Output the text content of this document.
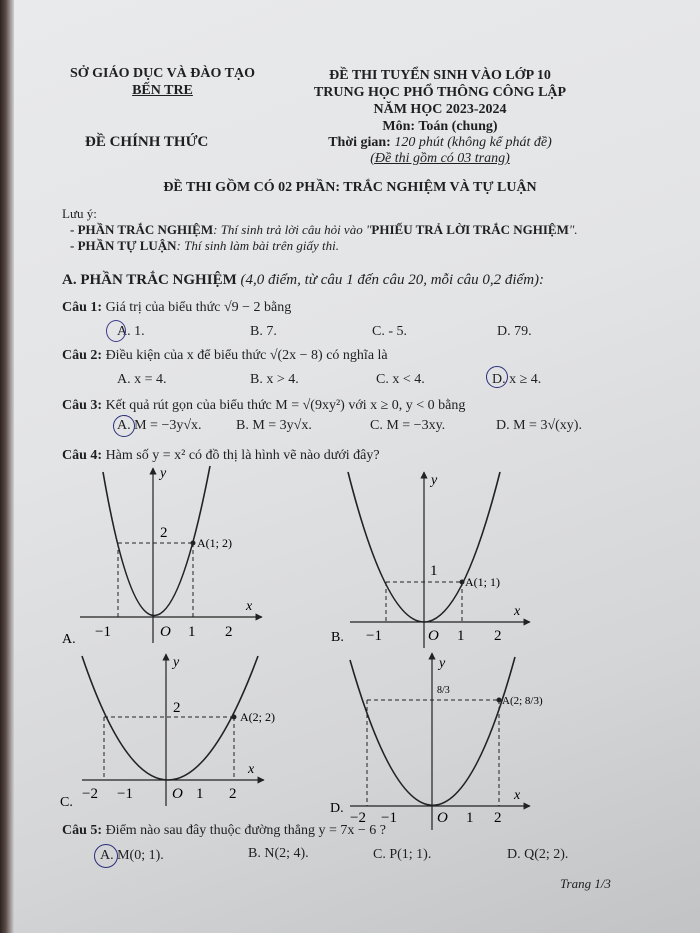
SỞ GIÁO DỤC VÀ ĐÀO TẠO
BẾN TRE
ĐỀ CHÍNH THỨC
ĐỀ THI TUYỂN SINH VÀO LỚP 10
TRUNG HỌC PHỔ THÔNG CÔNG LẬP
NĂM HỌC 2023-2024
Môn: Toán (chung)
Thời gian: 120 phút (không kể phát đề)
(Đề thi gồm có 03 trang)
ĐỀ THI GỒM CÓ 02 PHẦN: TRẮC NGHIỆM VÀ TỰ LUẬN
Lưu ý:
- PHẦN TRẮC NGHIỆM: Thí sinh trả lời câu hỏi vào "PHIẾU TRẢ LỜI TRẮC NGHIỆM".
- PHẦN TỰ LUẬN: Thí sinh làm bài trên giấy thi.
A. PHẦN TRẮC NGHIỆM (4,0 điểm, từ câu 1 đến câu 20, mỗi câu 0,2 điểm):
Câu 1: Giá trị của biểu thức √9 − 2 bằng
A. 1.	B. 7.	C. - 5.	D. 79.
Câu 2: Điều kiện của x để biểu thức √(2x − 8) có nghĩa là
A. x = 4.	B. x > 4.	C. x < 4.	D. x ≥ 4.
Câu 3: Kết quả rút gọn của biểu thức M = √(9xy²) với x ≥ 0, y < 0 bằng
A. M = −3y√x. B. M = 3y√x.	C. M = −3xy.	D. M = 3√(xy).
Câu 4: Hàm số y = x² có đồ thị là hình vẽ nào dưới đây?
y
x
2
A(1; 2)
O
−1	1 2
A.
y
x
1
A(1; 1)
O
−1	1 2
B.
y
x
2
A(2; 2)
O
−2 −1	1 2
C.
y
x
8/3
A(2; 8/3)
O
−2 −1	1 2
D.
Câu 5: Điểm nào sau đây thuộc đường thẳng y = 7x − 6 ?
A. M(0; 1).	B. N(2; 4).	C. P(1; 1).	D. Q(2; 2).
Trang 1/3
